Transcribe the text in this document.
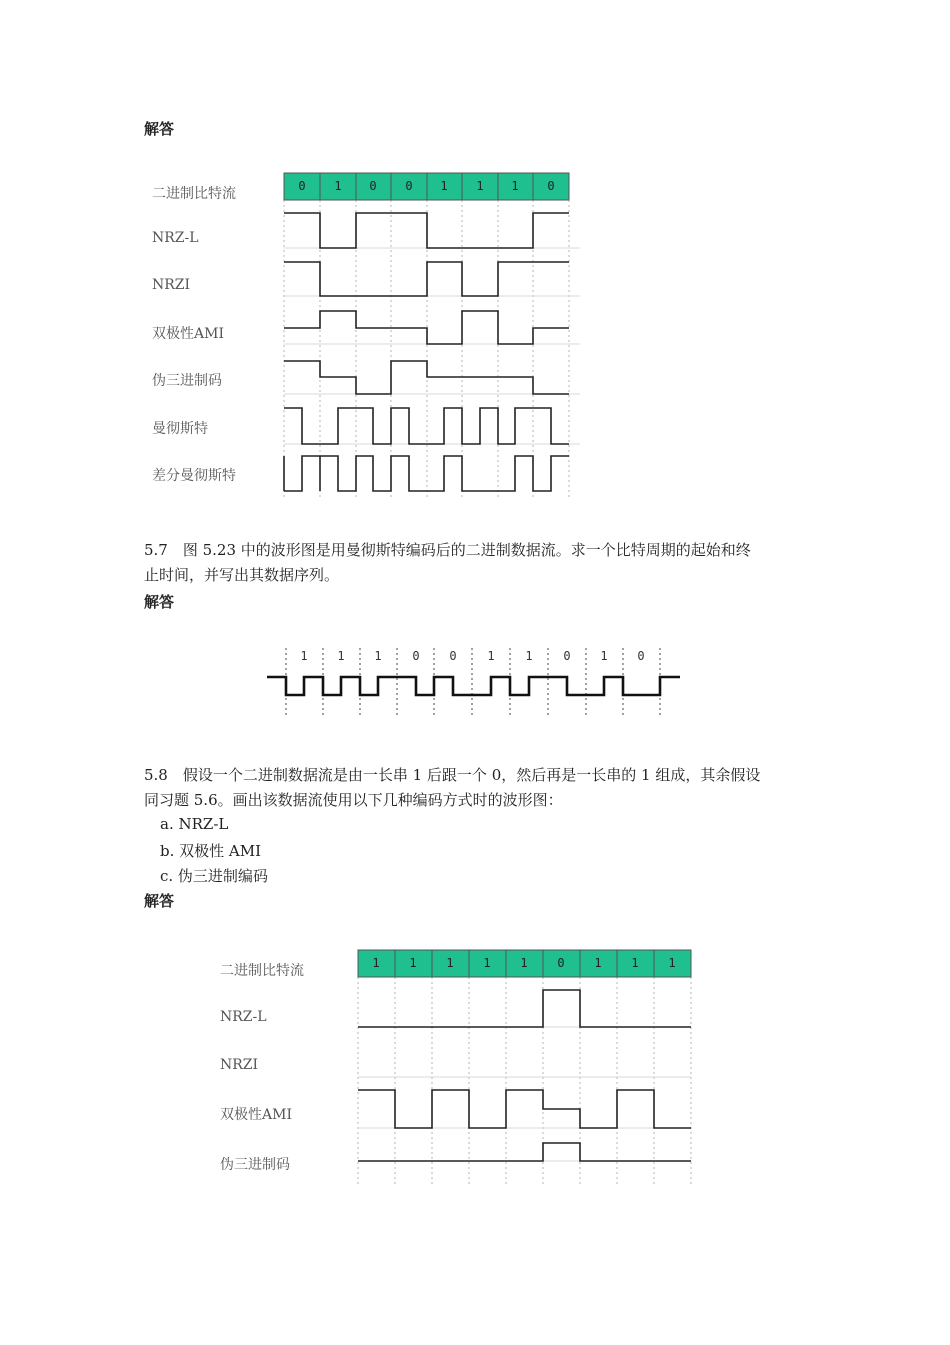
解答
二进制比特流
NRZ-L
NRZI
双极性AMI
伪三进制码
曼彻斯特
差分曼彻斯特
0 1 0 0 1 1 1 0
5.7　图 5.23 中的波形图是用曼彻斯特编码后的二进制数据流。求一个比特周期的起始和终
止时间，并写出其数据序列。
解答
1 1 1	0 0	1	1	0 1 0
5.8　假设一个二进制数据流是由一长串 1 后跟一个 0，然后再是一长串的 1 组成，其余假设
同习题 5.6。画出该数据流使用以下几种编码方式时的波形图：
a. NRZ-L
b. 双极性 AMI
c. 伪三进制编码
解答
二进制比特流
NRZ-L
NRZI
双极性AMI
伪三进制码
1 1 1 1 1 0 1 1 1
